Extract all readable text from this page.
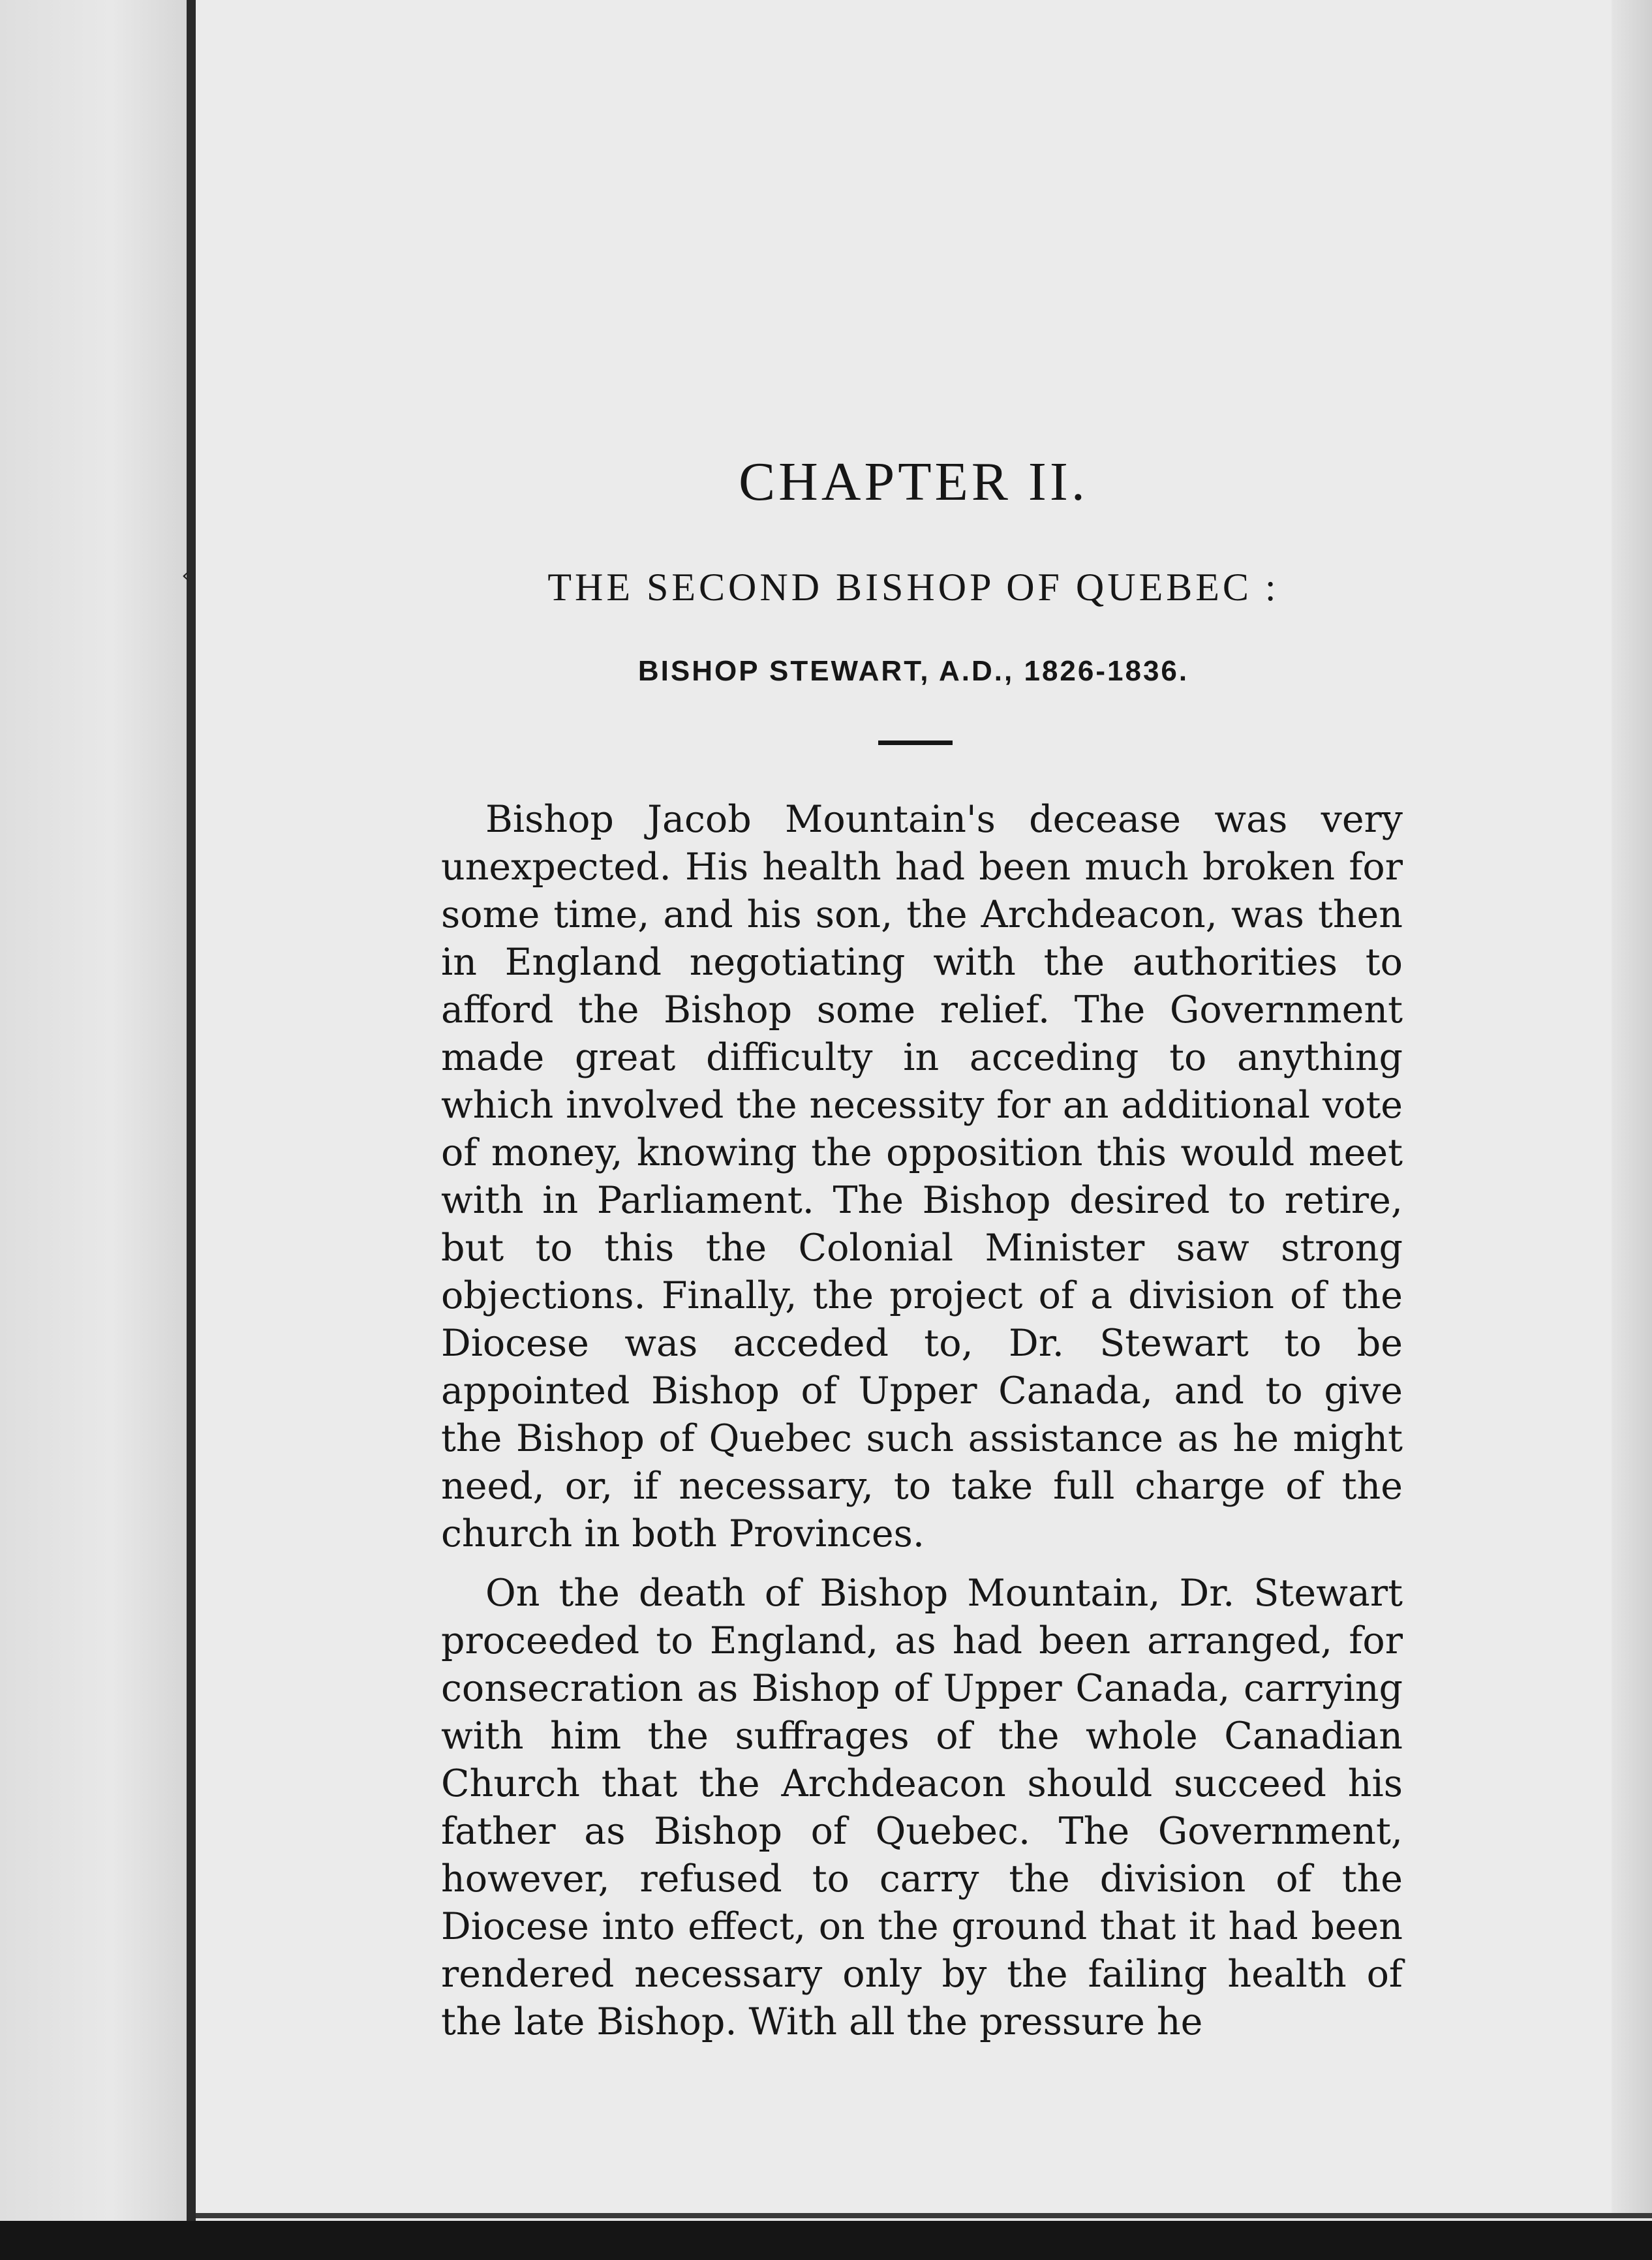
‹
CHAPTER II.
THE SECOND BISHOP OF QUEBEC :
BISHOP STEWART, A.D., 1826-1836.

Bishop Jacob Mountain's decease was very unexpected. His health had been much broken for some time, and his son, the Archdeacon, was then in England negotiating with the authorities to afford the Bishop some relief. The Government made great difficulty in acceding to anything which involved the necessity for an additional vote of money, knowing the opposition this would meet with in Parliament. The Bishop desired to retire, but to this the Colonial Minister saw strong objections. Finally, the project of a division of the Diocese was acceded to, Dr. Stewart to be appointed Bishop of Upper Canada, and to give the Bishop of Quebec such assistance as he might need, or, if necessary, to take full charge of the church in both Provinces.

On the death of Bishop Mountain, Dr. Stewart proceeded to England, as had been arranged, for consecration as Bishop of Upper Canada, carrying with him the suffrages of the whole Canadian Church that the Archdeacon should succeed his father as Bishop of Quebec. The Government, however, refused to carry the division of the Diocese into effect, on the ground that it had been rendered necessary only by the failing health of the late Bishop. With all the pressure he
